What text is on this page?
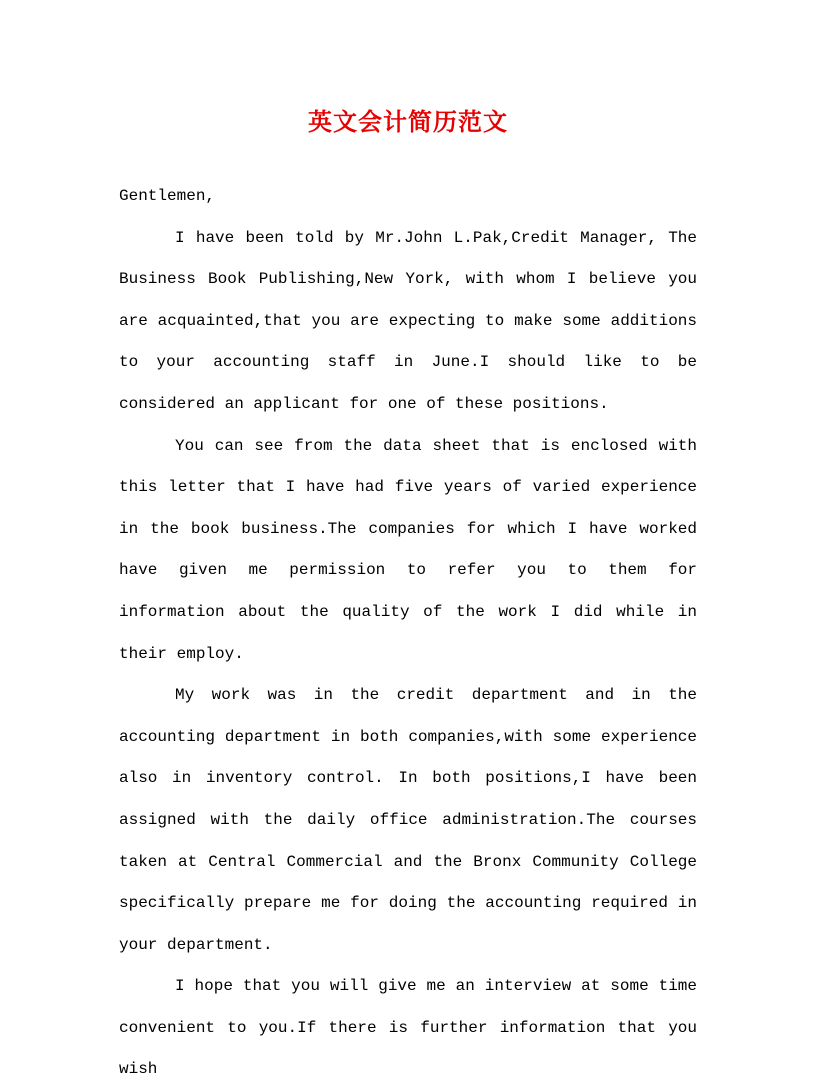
英文会计简历范文

Gentlemen,

I have been told by Mr.John L.Pak,Credit Manager, The Business Book Publishing,New York, with whom I believe you are acquainted,that you are expecting to make some additions to your accounting staff in June.I should like to be considered an applicant for one of these positions.

You can see from the data sheet that is enclosed with this letter that I have had five years of varied experience in the book business.The companies for which I have worked have given me permission to refer you to them for information about the quality of the work I did while in their employ.

My work was in the credit department and in the accounting department in both companies,with some experience also in inventory control. In both positions,I have been assigned with the daily office administration.The courses taken at Central Commercial and the Bronx Community College specifically prepare me for doing the accounting required in your department.

I hope that you will give me an interview at some time convenient to you.If there is further information that you wish
